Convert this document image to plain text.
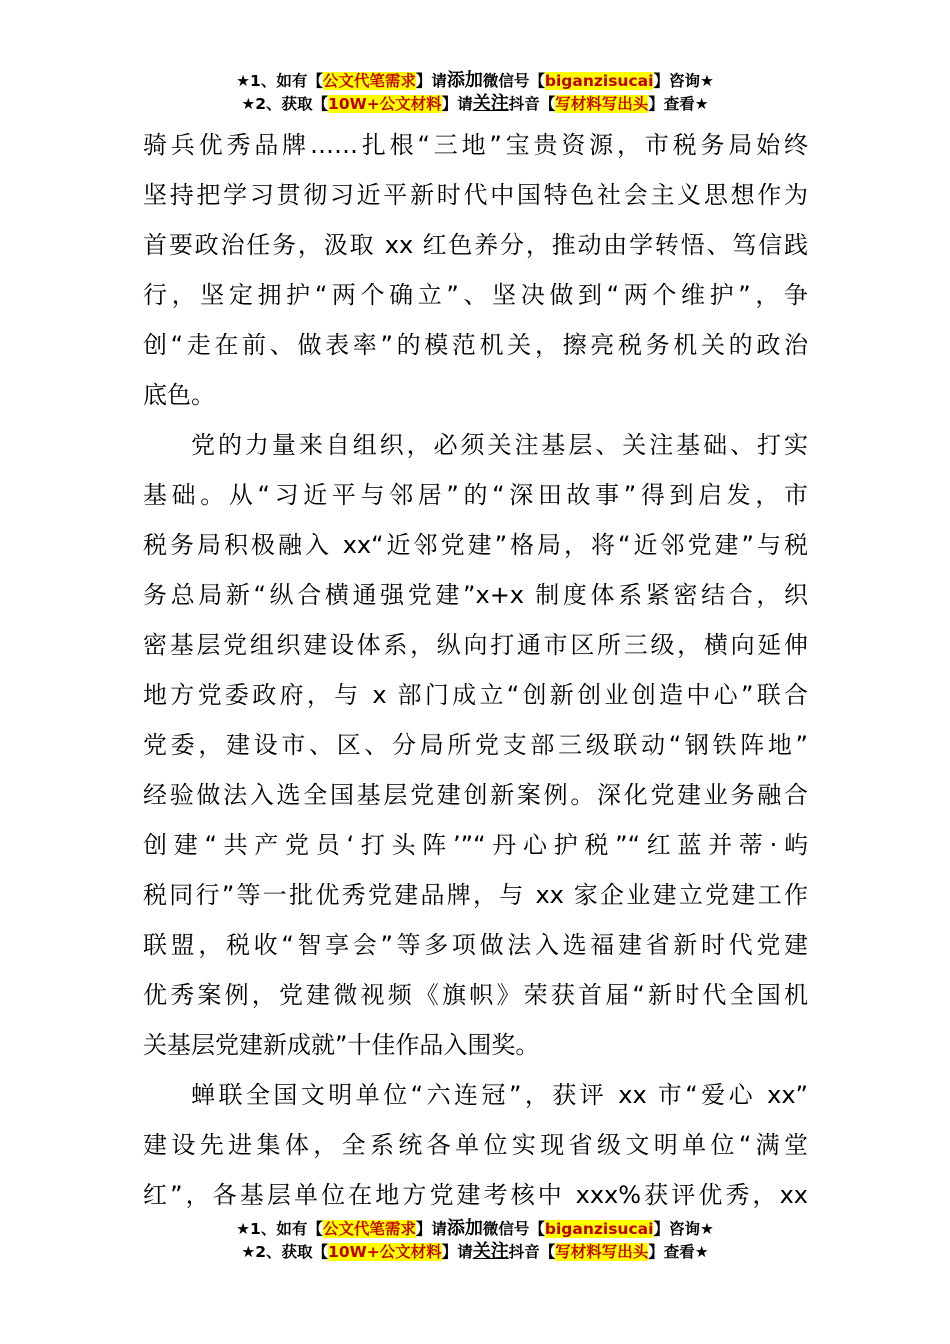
★1、如有【公文代笔需求】请添加微信号【biganzisucai】咨询★
★2、获取【10W+公文材料】请关注抖音【写材料写出头】查看★
骑兵优秀品牌……扎根“三地”宝贵资源，市税务局始终
坚持把学习贯彻习近平新时代中国特色社会主义思想作为
首要政治任务，汲取 xx 红色养分，推动由学转悟、笃信践
行，坚定拥护“两个确立”、坚决做到“两个维护”，争
创“走在前、做表率”的模范机关，擦亮税务机关的政治
底色。
党的力量来自组织，必须关注基层、关注基础、打实
基础。从“习近平与邻居”的“深田故事”得到启发，市
税务局积极融入 xx“近邻党建”格局，将“近邻党建”与税
务总局新“纵合横通强党建”x+x 制度体系紧密结合，织
密基层党组织建设体系，纵向打通市区所三级，横向延伸
地方党委政府，与 x 部门成立“创新创业创造中心”联合
党委，建设市、区、分局所党支部三级联动“钢铁阵地”
经验做法入选全国基层党建创新案例。深化党建业务融合
创建“共产党员‘打头阵’”“丹心护税”“红蓝并蒂·屿
税同行”等一批优秀党建品牌，与 xx 家企业建立党建工作
联盟，税收“智享会”等多项做法入选福建省新时代党建
优秀案例，党建微视频《旗帜》荣获首届“新时代全国机
关基层党建新成就”十佳作品入围奖。
蝉联全国文明单位“六连冠”，获评 xx 市“爱心 xx”
建设先进集体，全系统各单位实现省级文明单位“满堂
红”，各基层单位在地方党建考核中 xxx%获评优秀，xx
★1、如有【公文代笔需求】请添加微信号【biganzisucai】咨询★
★2、获取【10W+公文材料】请关注抖音【写材料写出头】查看★
